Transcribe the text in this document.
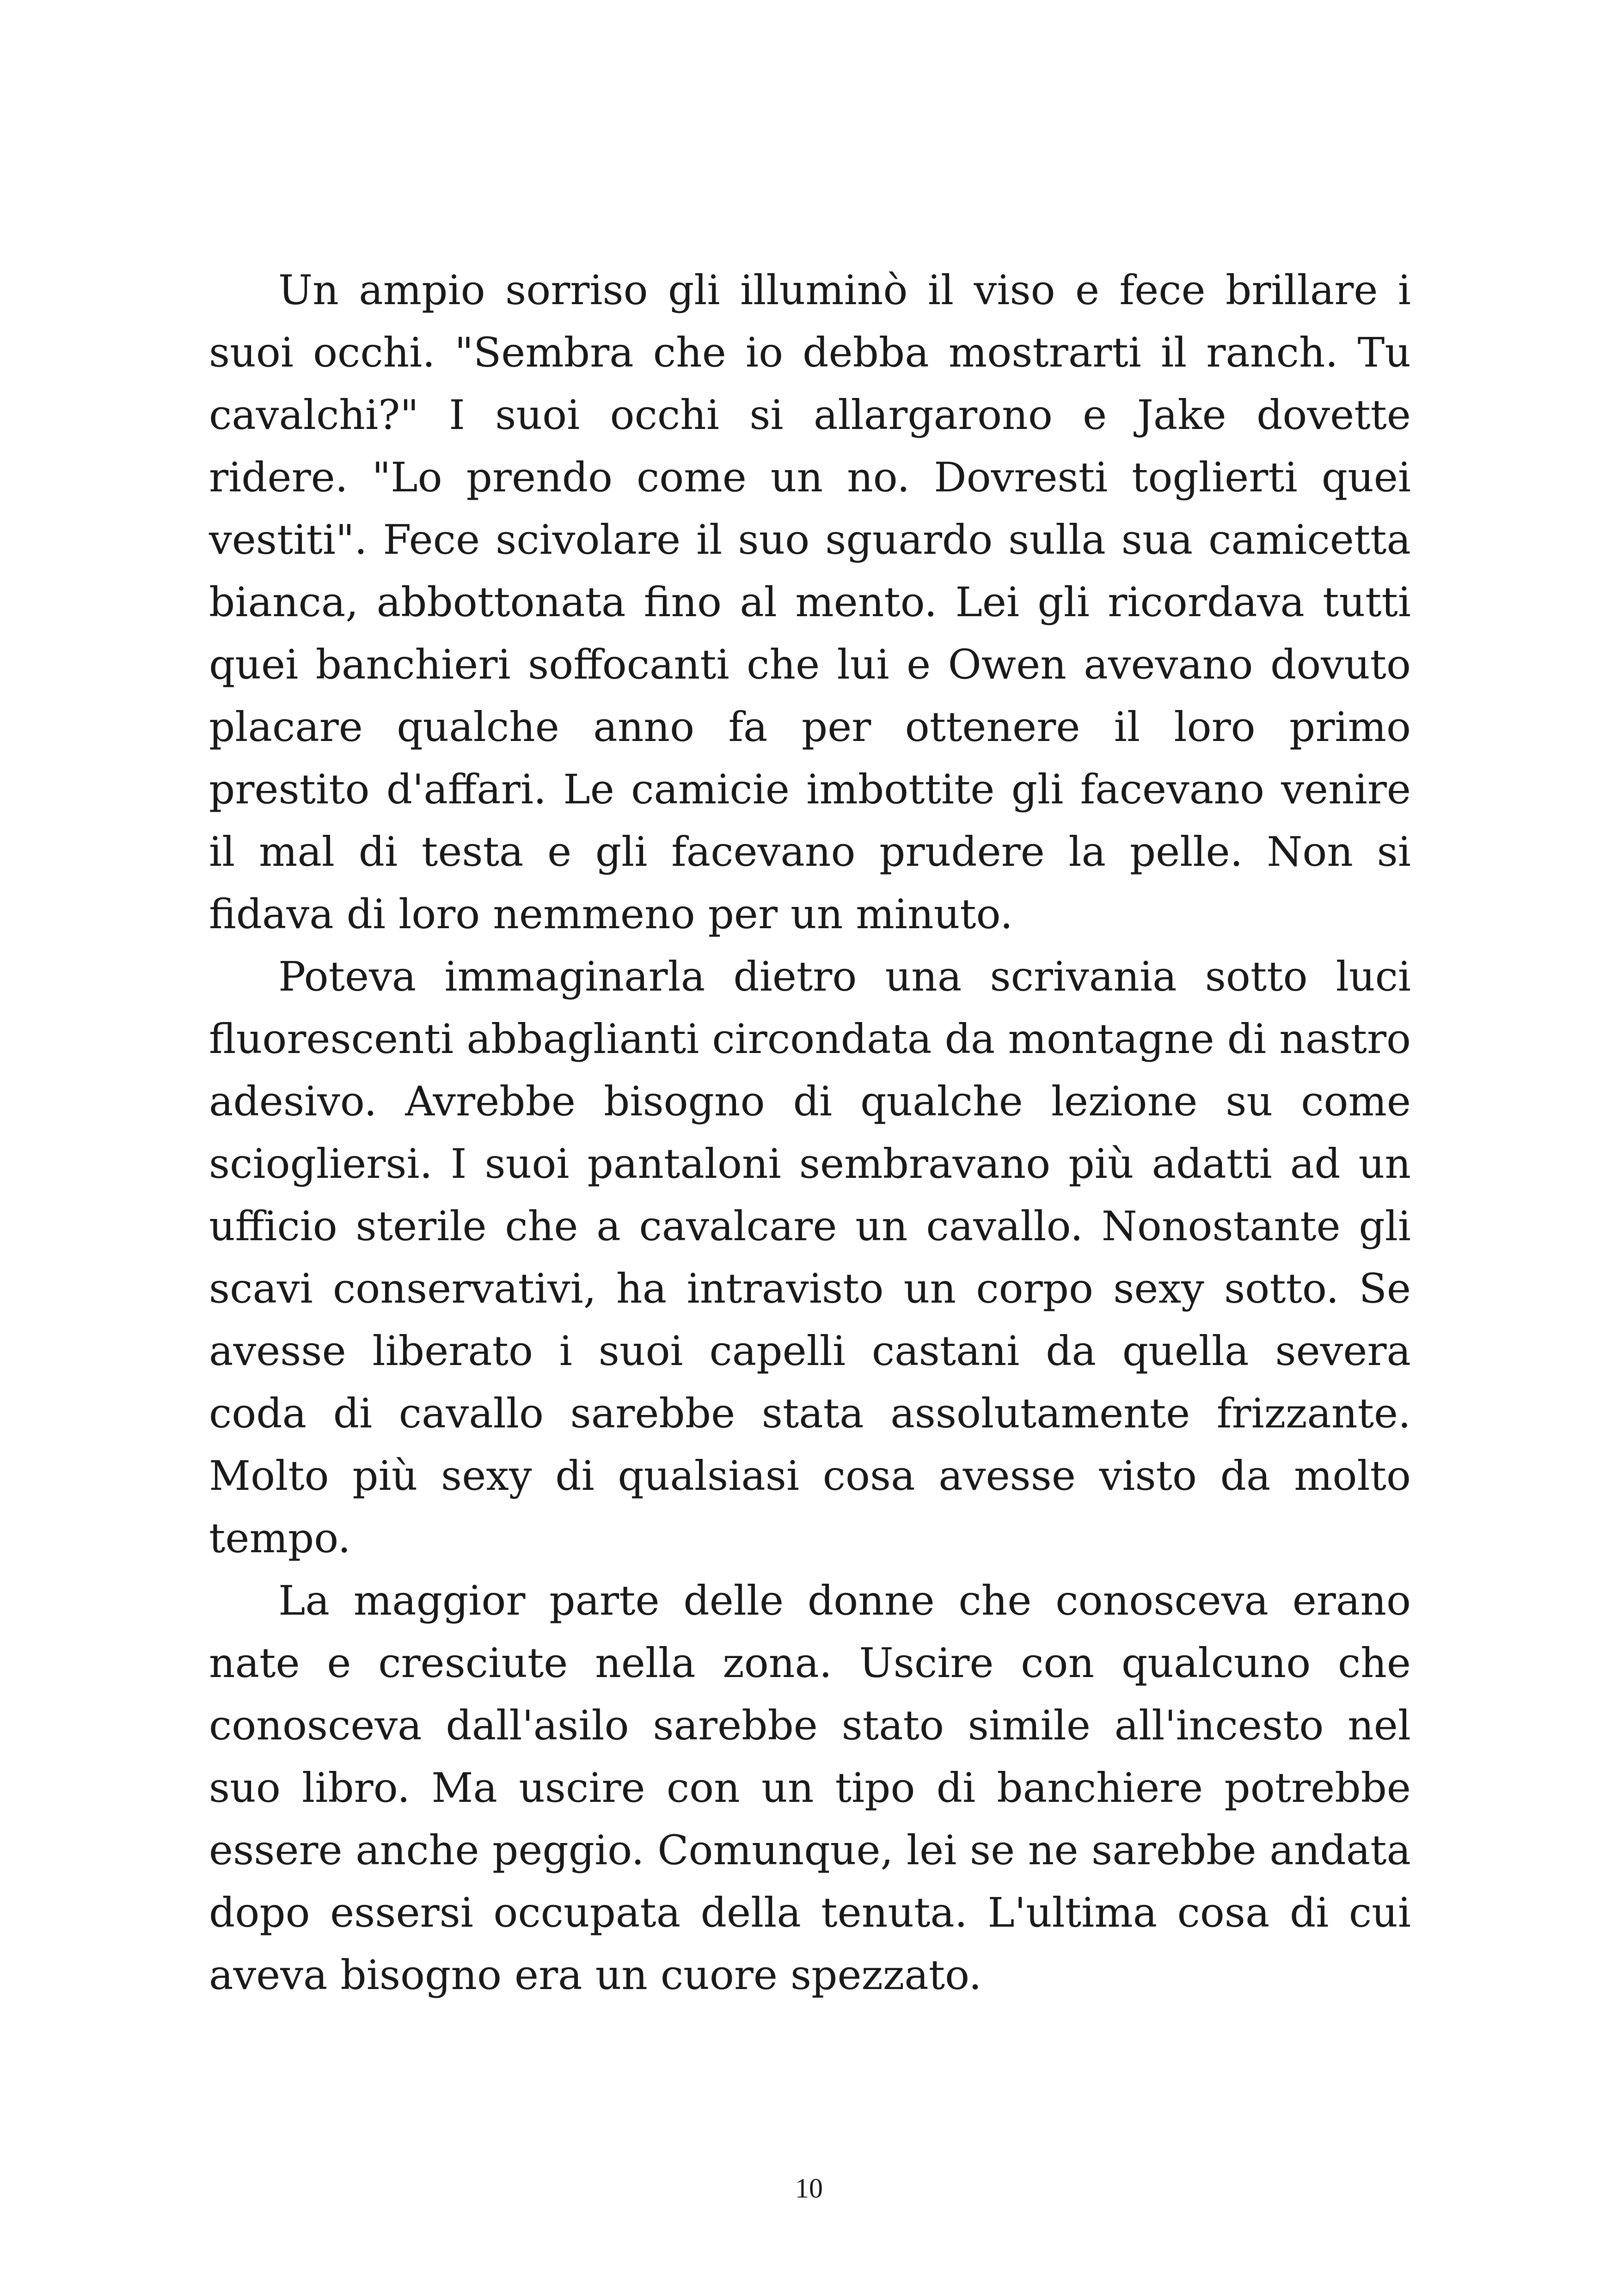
Un ampio sorriso gli illuminò il viso e fece brillare i suoi occhi. "Sembra che io debba mostrarti il ranch. Tu cavalchi?" I suoi occhi si allargarono e Jake dovette ridere. "Lo prendo come un no. Dovresti toglierti quei vestiti". Fece scivolare il suo sguardo sulla sua camicetta bianca, abbottonata fino al mento. Lei gli ricordava tutti quei banchieri soffocanti che lui e Owen avevano dovuto placare qualche anno fa per ottenere il loro primo prestito d'affari. Le camicie imbottite gli facevano venire il mal di testa e gli facevano prudere la pelle. Non si fidava di loro nemmeno per un minuto.

Poteva immaginarla dietro una scrivania sotto luci fluorescenti abbaglianti circondata da montagne di nastro adesivo. Avrebbe bisogno di qualche lezione su come sciogliersi. I suoi pantaloni sembravano più adatti ad un ufficio sterile che a cavalcare un cavallo. Nonostante gli scavi conservativi, ha intravisto un corpo sexy sotto. Se avesse liberato i suoi capelli castani da quella severa coda di cavallo sarebbe stata assolutamente frizzante. Molto più sexy di qualsiasi cosa avesse visto da molto tempo.

La maggior parte delle donne che conosceva erano nate e cresciute nella zona. Uscire con qualcuno che conosceva dall'asilo sarebbe stato simile all'incesto nel suo libro. Ma uscire con un tipo di banchiere potrebbe essere anche peggio. Comunque, lei se ne sarebbe andata dopo essersi occupata della tenuta. L'ultima cosa di cui aveva bisogno era un cuore spezzato.

10
